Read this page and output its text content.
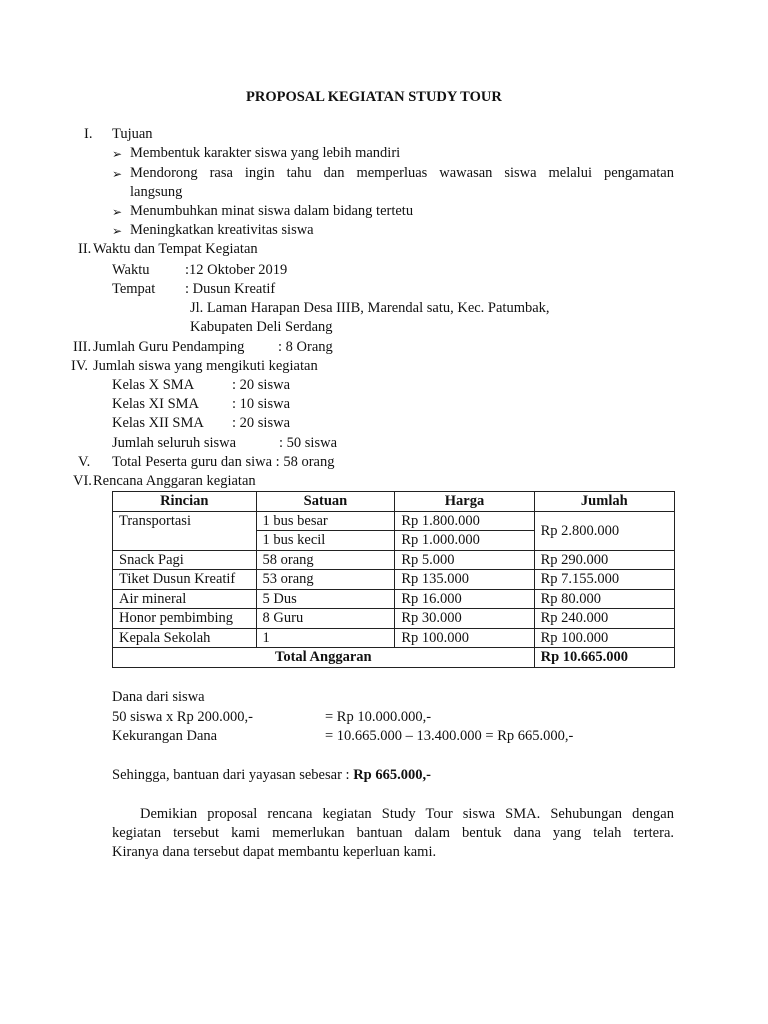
PROPOSAL KEGIATAN STUDY TOUR
I. Tujuan
➢ Membentuk karakter siswa yang lebih mandiri
➢ Mendorong rasa ingin tahu dan memperluas wawasan siswa melalui pengamatan
langsung
➢ Menumbuhkan minat siswa dalam bidang tertetu
➢ Meningkatkan kreativitas siswa
II. Waktu dan Tempat Kegiatan
Waktu :12 Oktober 2019
Tempat : Dusun Kreatif
Jl. Laman Harapan Desa IIIB, Marendal satu, Kec. Patumbak,
Kabupaten Deli Serdang
III. Jumlah Guru Pendamping : 8 Orang
IV. Jumlah siswa yang mengikuti kegiatan
Kelas X SMA	: 20 siswa
Kelas XI SMA : 10 siswa
Kelas XII SMA : 20 siswa
Jumlah seluruh siswa	: 50 siswa
V. Total Peserta guru dan siwa : 58 orang
VI. Rencana Anggaran kegiatan
Rincian	Satuan	Harga	Jumlah
Transportasi	1 bus besar	Rp 1.800.000	Rp 2.800.000
	1 bus kecil	Rp 1.000.000	
Snack Pagi	58 orang	Rp 5.000	Rp 290.000
Tiket Dusun Kreatif	53 orang	Rp 135.000	Rp 7.155.000
Air mineral	5 Dus	Rp 16.000	Rp 80.000
Honor pembimbing	8 Guru	Rp 30.000	Rp 240.000
Kepala Sekolah	1	Rp 100.000	Rp 100.000
Total Anggaran			Rp 10.665.000
Dana dari siswa
50 siswa x Rp 200.000,-	= Rp 10.000.000,-
Kekurangan Dana	= 10.665.000 – 13.400.000 = Rp 665.000,-
Sehingga, bantuan dari yayasan sebesar : Rp 665.000,-
Demikian proposal rencana kegiatan Study Tour siswa SMA. Sehubungan dengan
kegiatan tersebut kami memerlukan bantuan dalam bentuk dana yang telah tertera.
Kiranya dana tersebut dapat membantu keperluan kami.
